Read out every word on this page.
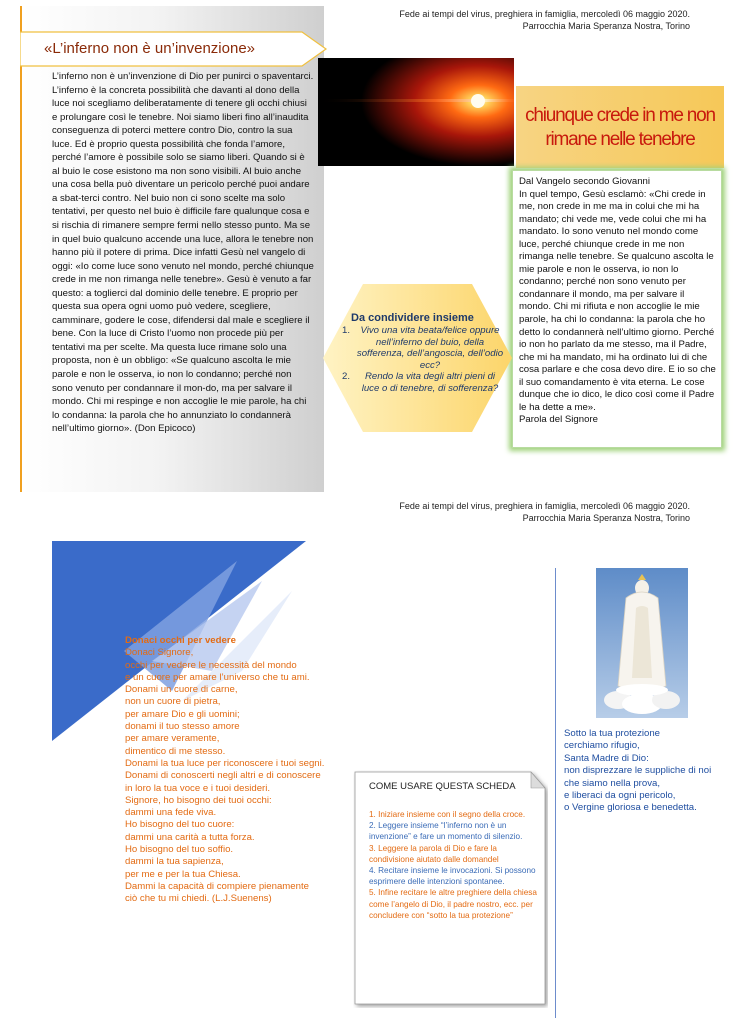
Fede ai tempi del virus, preghiera in famiglia, mercoledì 06 maggio 2020.
Parrocchia Maria Speranza Nostra, Torino
Fede ai tempi del virus, preghiera in famiglia, mercoledì 06 maggio 2020.
Parrocchia Maria Speranza Nostra, Torino
«L’inferno non è un’invenzione»
L’inferno non è un’invenzione di Dio per punirci o spaventarci. L’inferno è la concreta possibilità che davanti al dono della luce noi scegliamo deliberatamente di tenere gli occhi chiusi e prolungare così le tenebre. Noi siamo liberi fino all’inaudita conseguenza di poterci mettere contro Dio, contro la sua luce. Ed è proprio questa possibilità che fonda l’amore, perché l’amore è possibile solo se siamo liberi. Quando si è al buio le cose esistono ma non sono visibili. Al buio anche una cosa bella può diventare un pericolo perché puoi andare a sbat-terci contro. Nel buio non ci sono scelte ma solo tentativi, per questo nel buio è difficile fare qualunque cosa e si rischia di rimanere sempre fermi nello stesso punto. Ma se in quel buio qualcuno accende una luce, allora le tenebre non hanno più il potere di prima. Dice infatti Gesù nel vangelo di oggi: «Io come luce sono venuto nel mondo, perché chiunque crede in me non rimanga nelle tenebre». Gesù è venuto a far questo: a toglierci dal dominio delle tenebre. E proprio per questa sua opera ogni uomo può vedere, scegliere, camminare, godere le cose, difendersi dal male e scegliere il bene. Con la luce di Cristo l’uomo non procede più per tentativi ma per scelte. Ma questa luce rimane solo una proposta, non è un obbligo: «Se qualcuno ascolta le mie parole e non le osserva, io non lo condanno; perché non sono venuto per condannare il mon-do, ma per salvare il mondo. Chi mi respinge e non accoglie le mie parole, ha chi lo condanna: la parola che ho annunziato lo condannerà nell’ultimo giorno». (Don Epicoco)
chiunque crede in me non rimane nelle tenebre
Dal Vangelo secondo Giovanni
In quel tempo, Gesù esclamò: «Chi crede in me, non crede in me ma in colui che mi ha mandato; chi vede me, vede colui che mi ha mandato. Io sono venuto nel mondo come luce, perché chiunque crede in me non rimanga nelle tenebre. Se qualcuno ascolta le mie parole e non le osserva, io non lo condanno; perché non sono venuto per condannare il mondo, ma per salvare il mondo. Chi mi rifiuta e non accoglie le mie parole, ha chi lo condanna: la parola che ho detto lo condannerà nell’ultimo giorno. Perché io non ho parlato da me stesso, ma il Padre, che mi ha mandato, mi ha ordinato lui di che cosa parlare e che cosa devo dire. E io so che il suo comandamento è vita eterna. Le cose dunque che io dico, le dico così come il Padre le ha dette a me».
Parola del Signore
Da condividere insieme
1.	Vivo una vita beata/felice oppure nell’inferno del buio, della sofferenza, dell’angoscia, dell’odio ecc?
2.	Rendo la vita degli altri pieni di luce o di tenebre, di sofferenza?
Donaci occhi per vedere
Donaci Signore,
occhi per vedere le necessità del mondo
e un cuore per amare l’universo che tu ami.
Donami un cuore di carne,
non un cuore di pietra,
per amare Dio e gli uomini;
donami il tuo stesso amore
per amare veramente,
dimentico di me stesso.
Donami la tua luce per riconoscere i tuoi segni.
Donami di conoscerti negli altri e di conoscere
in loro la tua voce e i tuoi desideri.
Signore, ho bisogno dei tuoi occhi:
dammi una fede viva.
Ho bisogno del tuo cuore:
dammi una carità a tutta forza.
Ho bisogno del tuo soffio.
dammi la tua sapienza,
per me e per la tua Chiesa.
Dammi la capacità di compiere pienamente
ciò che tu mi chiedi. (L.J.Suenens)
COME USARE QUESTA SCHEDA
1. Iniziare insieme con il segno della croce.
2. Leggere insieme “l’inferno non è un invenzione” e fare un momento di silenzio.
3. Leggere la parola di Dio e fare la condivisione aiutato dalle domandel
4. Recitare insieme le invocazioni. Si possono esprimere delle intenzioni spontanee.
5. Infine recitare le altre preghiere della chiesa come l’angelo di Dio, il padre nostro, ecc. per concludere con “sotto la tua protezione”
Sotto la tua protezione
cerchiamo rifugio,
Santa Madre di Dio:
non disprezzare le suppliche di noi
che siamo nella prova,
e liberaci da ogni pericolo,
o Vergine gloriosa e benedetta.
